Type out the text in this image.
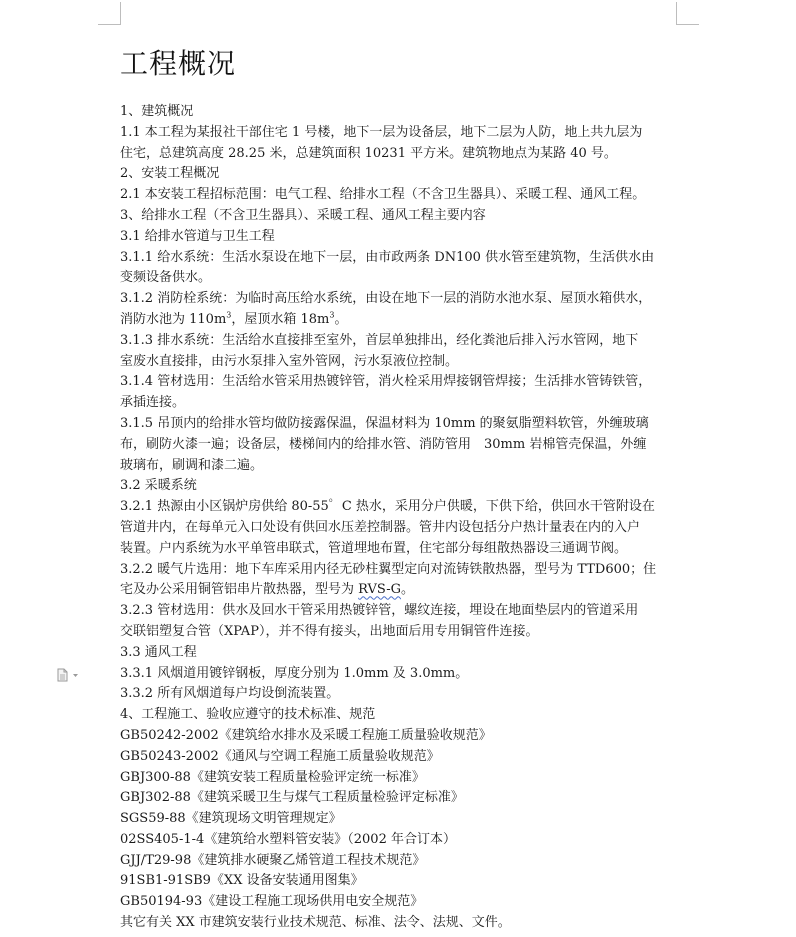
工程概况
1、建筑概况
1.1 本工程为某报社干部住宅 1 号楼，地下一层为设备层，地下二层为人防，地上共九层为
住宅，总建筑高度 28.25 米，总建筑面积 10231 平方米。建筑物地点为某路 40 号。
2、安装工程概况
2.1 本安装工程招标范围：电气工程、给排水工程（不含卫生器具）、采暖工程、通风工程。
3、给排水工程（不含卫生器具）、采暖工程、通风工程主要内容
3.1 给排水管道与卫生工程
3.1.1 给水系统：生活水泵设在地下一层，由市政两条 DN100 供水管至建筑物，生活供水由
变频设备供水。
3.1.2 消防栓系统：为临时高压给水系统，由设在地下一层的消防水池水泵、屋顶水箱供水，
消防水池为 $110m^3$，屋顶水箱 $18m^3$。
3.1.3 排水系统：生活给水直接排至室外，首层单独排出，经化粪池后排入污水管网，地下
室废水直接排，由污水泵排入室外管网，污水泵液位控制。
3.1.4 管材选用：生活给水管采用热镀锌管，消火栓采用焊接钢管焊接；生活排水管铸铁管，
承插连接。
3.1.5 吊顶内的给排水管均做防接露保温，保温材料为 10mm 的聚氨脂塑料软管，外缠玻璃
布，刷防火漆一遍；设备层，楼梯间内的给排水管、消防管用　30mm 岩棉管壳保温，外缠
玻璃布，刷调和漆二遍。
3.2 采暖系统
3.2.1 热源由小区锅炉房供给 80-55゜C 热水，采用分户供暖，下供下给，供回水干管附设在
管道井内，在每单元入口处设有供回水压差控制器。管井内设包括分户热计量表在内的入户
装置。户内系统为水平单管串联式，管道埋地布置，住宅部分每组散热器设三通调节阀。
3.2.2 暖气片选用：地下车库采用内径无砂柱翼型定向对流铸铁散热器，型号为 TTD600；住
宅及办公采用铜管铝串片散热器，型号为 RVS-G。
3.2.3 管材选用：供水及回水干管采用热镀锌管，螺纹连接，埋设在地面垫层内的管道采用
交联铝塑复合管（XPAP），并不得有接头，出地面后用专用铜管件连接。
3.3 通风工程
3.3.1 风烟道用镀锌钢板，厚度分别为 1.0mm 及 3.0mm。
3.3.2 所有风烟道每户均设倒流装置。
4、工程施工、验收应遵守的技术标准、规范
GB50242-2002《建筑给水排水及采暖工程施工质量验收规范》
GB50243-2002《通风与空调工程施工质量验收规范》
GBJ300-88《建筑安装工程质量检验评定统一标准》
GBJ302-88《建筑采暖卫生与煤气工程质量检验评定标准》
SGS59-88《建筑现场文明管理规定》
02SS405-1-4《建筑给水塑料管安装》（2002 年合订本）
GJJ/T29-98《建筑排水硬聚乙烯管道工程技术规范》
91SB1-91SB9《XX 设备安装通用图集》
GB50194-93《建设工程施工现场供用电安全规范》
其它有关 XX 市建筑安装行业技术规范、标准、法令、法规、文件。
